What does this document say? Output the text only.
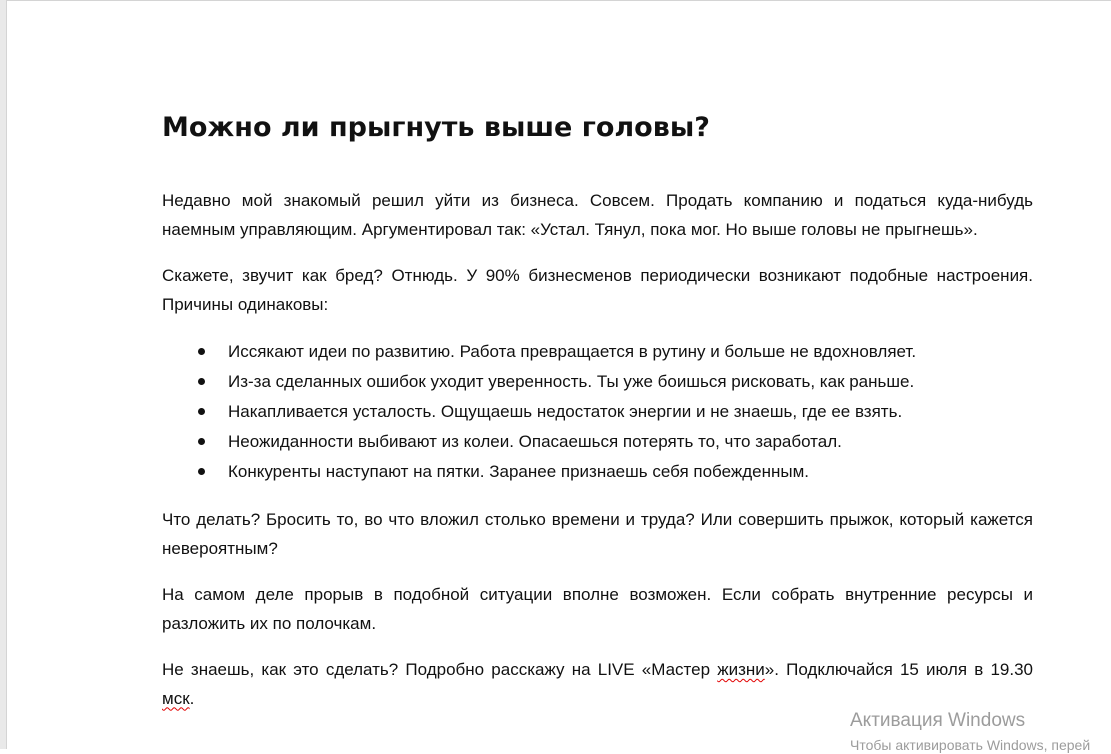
Можно ли прыгнуть выше головы?

Недавно мой знакомый решил уйти из бизнеса. Совсем. Продать компанию и податься куда-нибудь наемным управляющим. Аргументировал так: «Устал. Тянул, пока мог. Но выше головы не прыгнешь».

Скажете, звучит как бред? Отнюдь. У 90% бизнесменов периодически возникают подобные настроения. Причины одинаковы:

Иссякают идеи по развитию. Работа превращается в рутину и больше не вдохновляет.
Из-за сделанных ошибок уходит уверенность. Ты уже боишься рисковать, как раньше.
Накапливается усталость. Ощущаешь недостаток энергии и не знаешь, где ее взять.
Неожиданности выбивают из колеи. Опасаешься потерять то, что заработал.
Конкуренты наступают на пятки. Заранее признаешь себя побежденным.

Что делать? Бросить то, во что вложил столько времени и труда? Или совершить прыжок, который кажется невероятным?

На самом деле прорыв в подобной ситуации вполне возможен. Если собрать внутренние ресурсы и разложить их по полочкам.

Не знаешь, как это сделать? Подробно расскажу на LIVE «Мастер жизни». Подключайся 15 июля в 19.30 мск.

Активация Windows
Чтобы активировать Windows, перей
